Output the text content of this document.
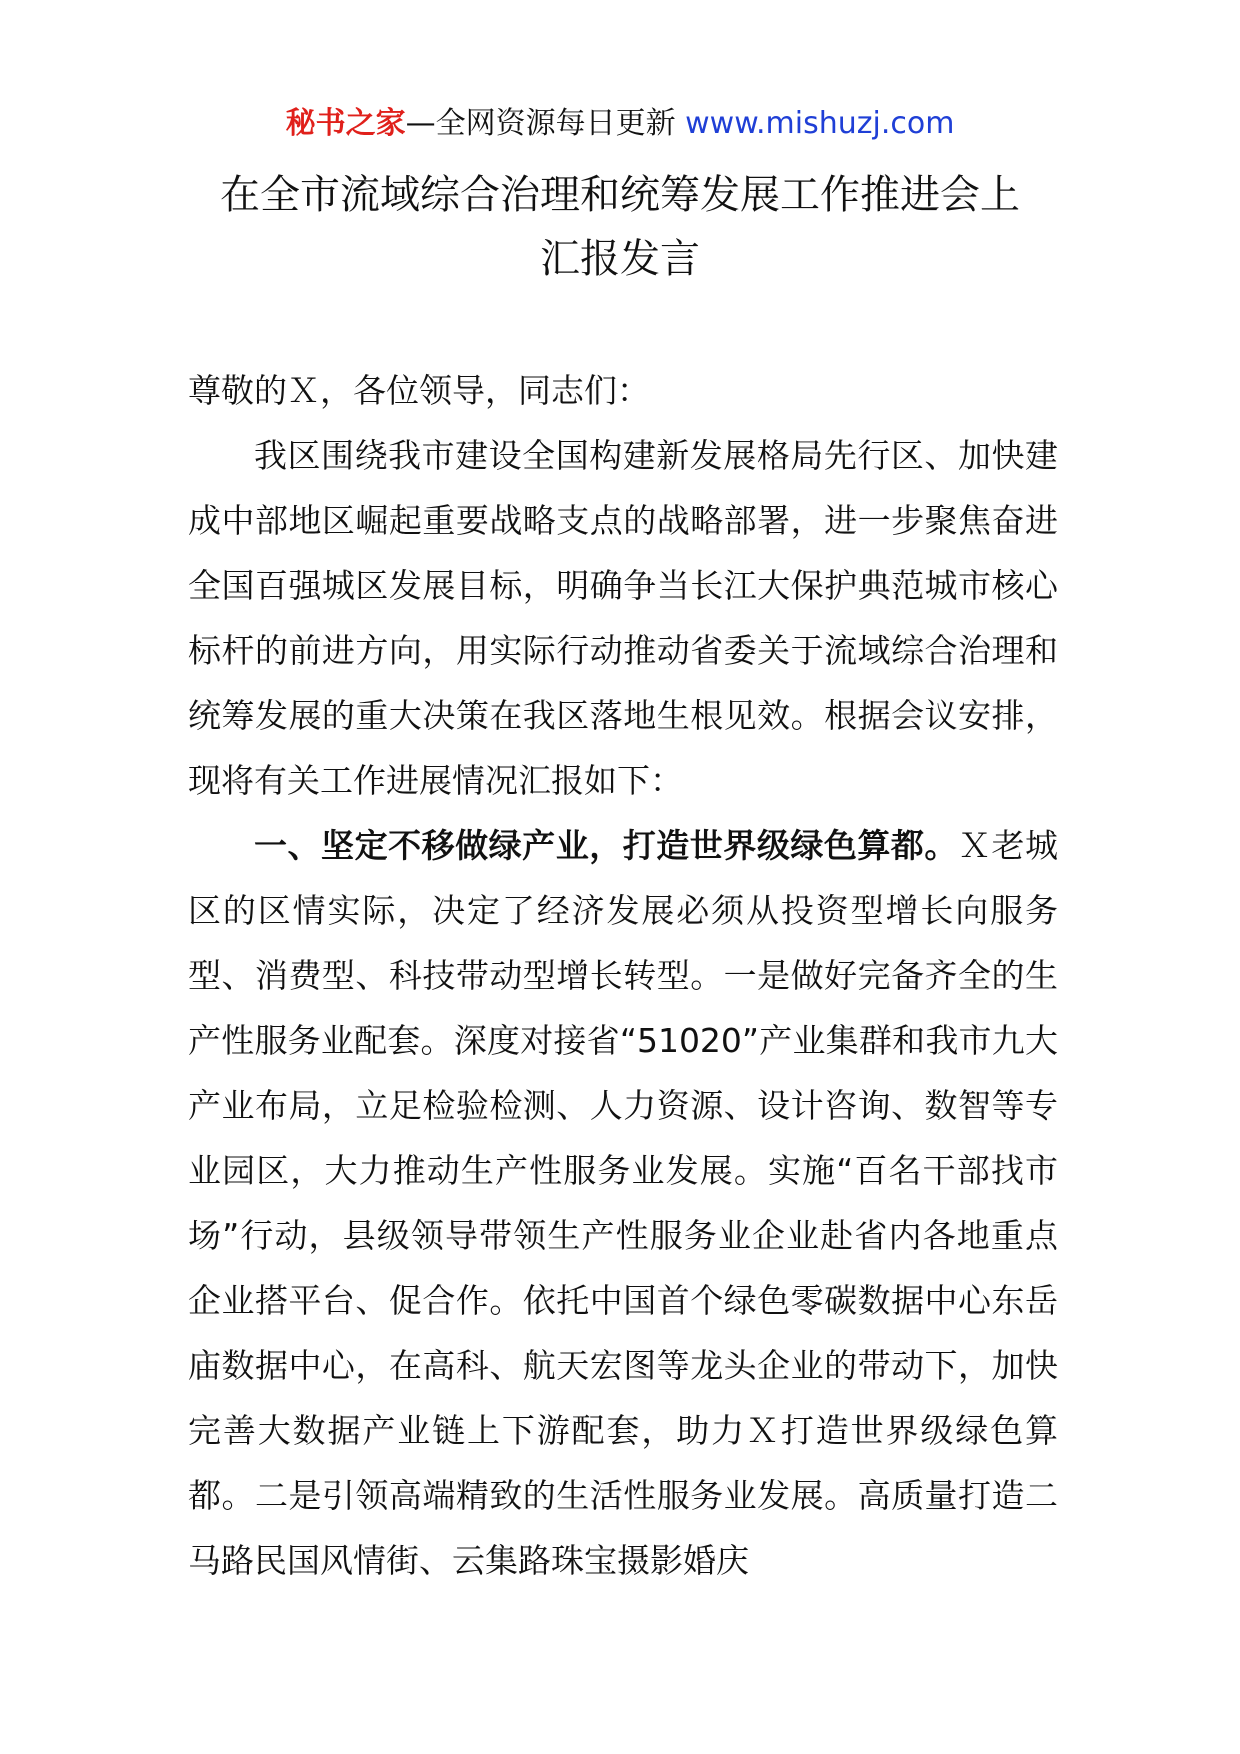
秘书之家—全网资源每日更新 www.mishuzj.com
在全市流域综合治理和统筹发展工作推进会上
汇报发言

尊敬的Ｘ，各位领导，同志们：

我区围绕我市建设全国构建新发展格局先行区、加快建成中部地区崛起重要战略支点的战略部署，进一步聚焦奋进全国百强城区发展目标，明确争当长江大保护典范城市核心标杆的前进方向，用实际行动推动省委关于流域综合治理和统筹发展的重大决策在我区落地生根见效。根据会议安排，现将有关工作进展情况汇报如下：

一、坚定不移做绿产业，打造世界级绿色算都。Ｘ老城区的区情实际，决定了经济发展必须从投资型增长向服务型、消费型、科技带动型增长转型。一是做好完备齐全的生产性服务业配套。深度对接省“51020”产业集群和我市九大产业布局，立足检验检测、人力资源、设计咨询、数智等专业园区，大力推动生产性服务业发展。实施“百名干部找市场”行动，县级领导带领生产性服务业企业赴省内各地重点企业搭平台、促合作。依托中国首个绿色零碳数据中心东岳庙数据中心，在高科、航天宏图等龙头企业的带动下，加快完善大数据产业链上下游配套，助力Ｘ打造世界级绿色算都。二是引领高端精致的生活性服务业发展。高质量打造二马路民国风情街、云集路珠宝摄影婚庆
